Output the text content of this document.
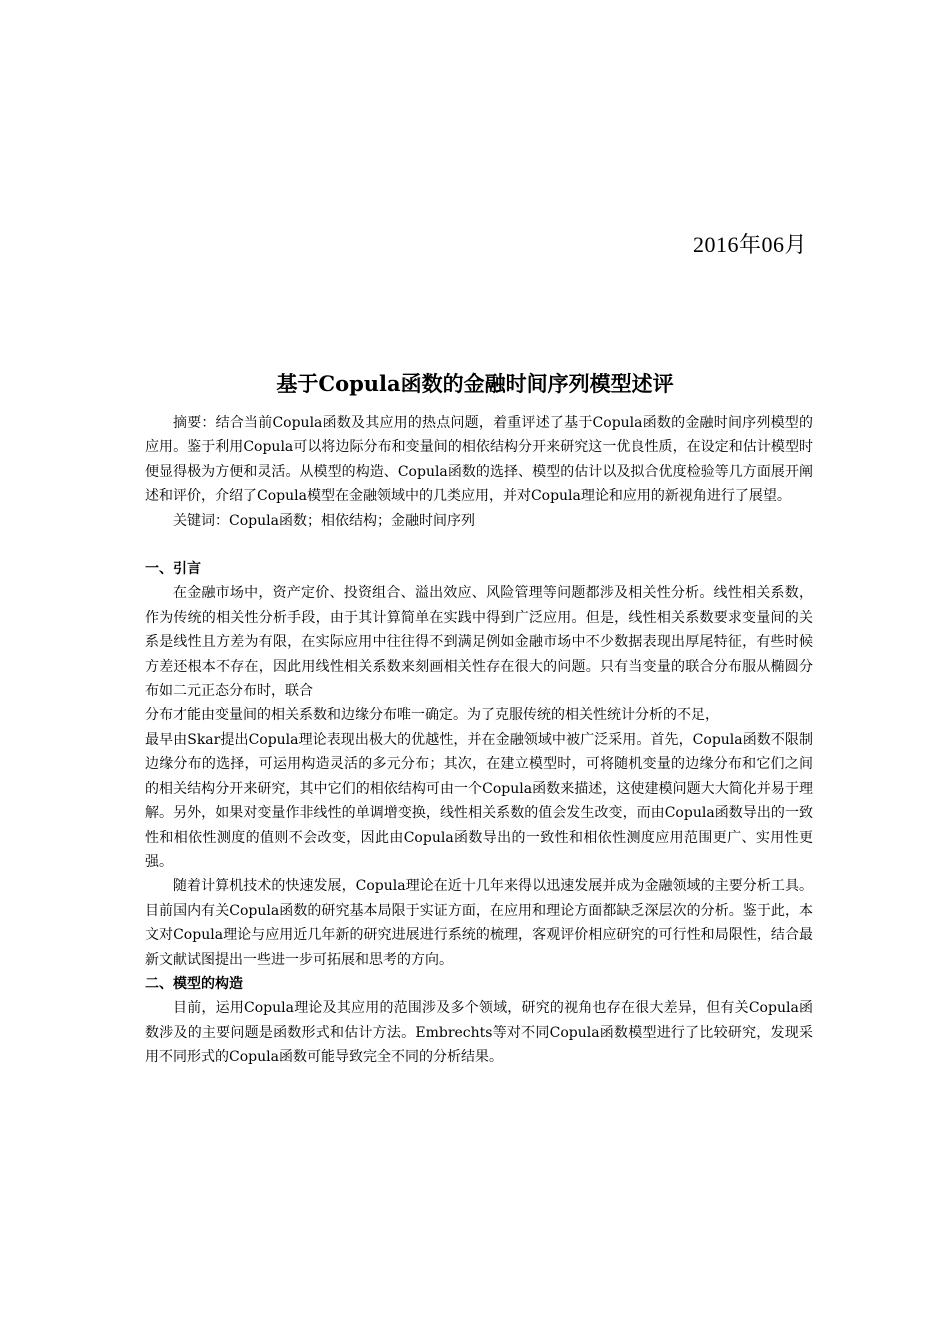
2016年06月
基于Copula函数的金融时间序列模型述评

摘要：结合当前Copula函数及其应用的热点问题，着重评述了基于Copula函数的金融时间序列模型的应用。鉴于利用Copula可以将边际分布和变量间的相依结构分开来研究这一优良性质，在设定和估计模型时便显得极为方便和灵活。从模型的构造、Copula函数的选择、模型的估计以及拟合优度检验等几方面展开阐述和评价，介绍了Copula模型在金融领域中的几类应用，并对Copula理论和应用的新视角进行了展望。

关键词：Copula函数；相依结构；金融时间序列

一、引言

在金融市场中，资产定价、投资组合、溢出效应、风险管理等问题都涉及相关性分析。线性相关系数，作为传统的相关性分析手段，由于其计算简单在实践中得到广泛应用。但是，线性相关系数要求变量间的关系是线性且方差为有限，在实际应用中往往得不到满足例如金融市场中不少数据表现出厚尾特征，有些时候方差还根本不存在，因此用线性相关系数来刻画相关性存在很大的问题。只有当变量的联合分布服从椭圆分布如二元正态分布时，联合

分布才能由变量间的相关系数和边缘分布唯一确定。为了克服传统的相关性统计分析的不足，

最早由Skar提出Copula理论表现出极大的优越性，并在金融领域中被广泛采用。首先，Copula函数不限制边缘分布的选择，可运用构造灵活的多元分布；其次，在建立模型时，可将随机变量的边缘分布和它们之间的相关结构分开来研究，其中它们的相依结构可由一个Copula函数来描述，这使建模问题大大简化并易于理解。另外，如果对变量作非线性的单调增变换，线性相关系数的值会发生改变，而由Copula函数导出的一致性和相依性测度的值则不会改变，因此由Copula函数导出的一致性和相依性测度应用范围更广、实用性更强。

随着计算机技术的快速发展，Copula理论在近十几年来得以迅速发展并成为金融领域的主要分析工具。目前国内有关Copula函数的研究基本局限于实证方面，在应用和理论方面都缺乏深层次的分析。鉴于此，本文对Copula理论与应用近几年新的研究进展进行系统的梳理，客观评价相应研究的可行性和局限性，结合最新文献试图提出一些进一步可拓展和思考的方向。

二、模型的构造

目前，运用Copula理论及其应用的范围涉及多个领域，研究的视角也存在很大差异，但有关Copula函数涉及的主要问题是函数形式和估计方法。Embrechts等对不同Copula函数模型进行了比较研究，发现采用不同形式的Copula函数可能导致完全不同的分析结果。
